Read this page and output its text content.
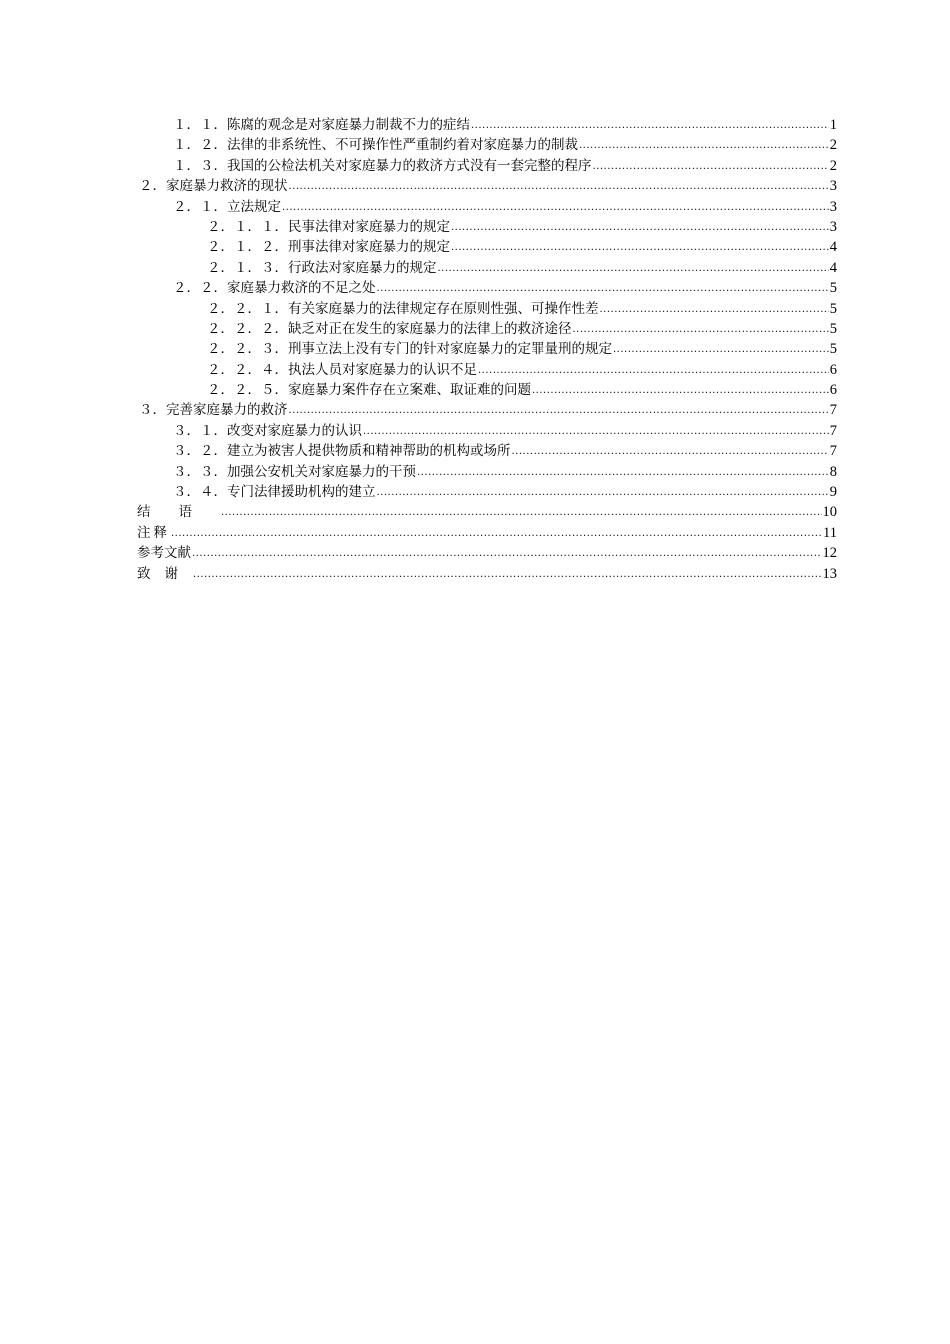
１．１． 陈腐的观念是对家庭暴力制裁不力的症结 .....	1
１．２． 法律的非系统性、不可操作性严重制约着对家庭暴力的制裁 .....	2
１．３． 我国的公检法机关对家庭暴力的救济方式没有一套完整的程序 .....	2
２． 家庭暴力救济的现状 .....	3
２．１． 立法规定 .....	3
２．１．１． 民事法律对家庭暴力的规定 .....	3
２．１．２． 刑事法律对家庭暴力的规定 .....	4
２．１．３． 行政法对家庭暴力的规定 .....	4
２．２． 家庭暴力救济的不足之处 .....	5
２．２．１． 有关家庭暴力的法律规定存在原则性强、可操作性差 .....	5
２．２．２． 缺乏对正在发生的家庭暴力的法律上的救济途径 .....	5
２．２．３． 刑事立法上没有专门的针对家庭暴力的定罪量刑的规定 .....	5
２．２．４． 执法人员对家庭暴力的认识不足 .....	6
２．２．５． 家庭暴力案件存在立案难、取证难的问题 .....	6
３． 完善家庭暴力的救济 .....	7
３．１． 改变对家庭暴力的认识 .....	7
３．２． 建立为被害人提供物质和精神帮助的机构或场所 .....	7
３．３． 加强公安机关对家庭暴力的干预 .....	8
３．４． 专门法律援助机构的建立 .....	9
结语 .....	10
注释 .....	11
参考文献 .....	12
致谢 .....	13
